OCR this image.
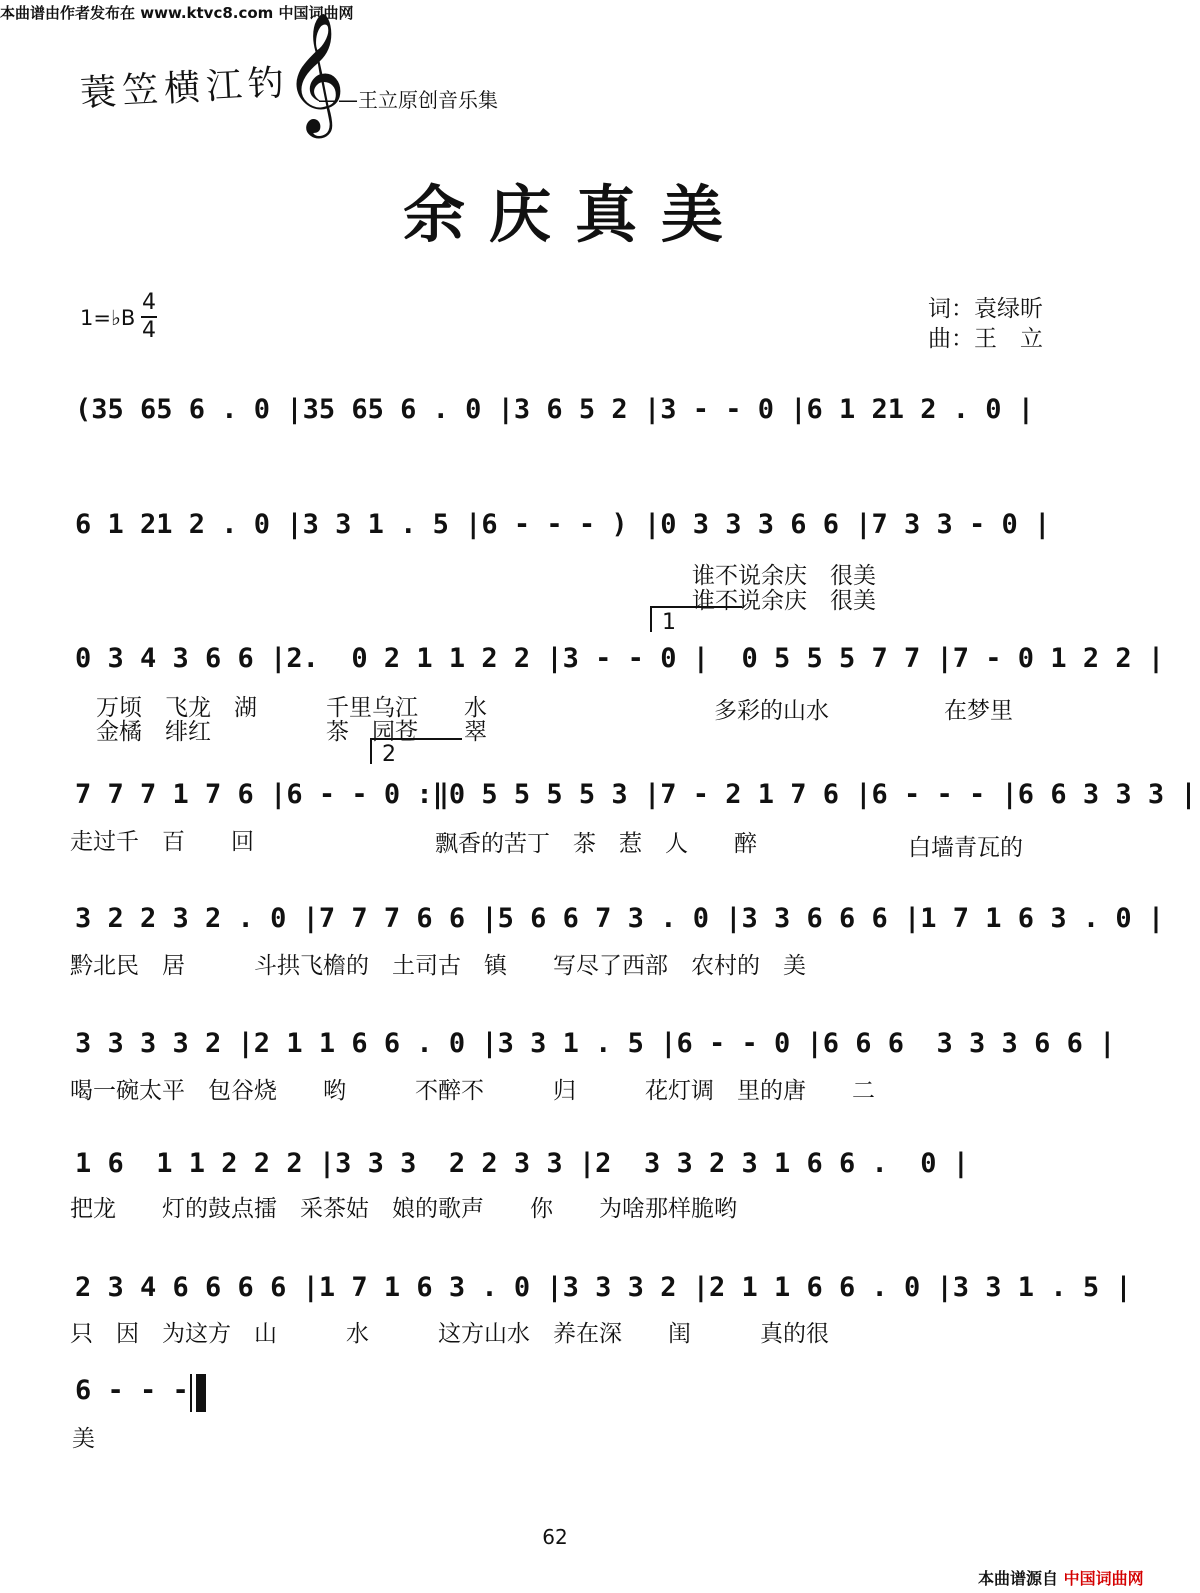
本曲谱由作者发布在 www.ktvc8.com 中国词曲网
蓑笠横江钓
𝄞
——王立原创音乐集
余庆真美
1=♭B
4
4
词：袁绿昕
曲：王　立
(35 65 6 . 0 |35 65 6 . 0 |3 6 5 2 |3 - - 0 |6 1 21 2 . 0 |
6 1 21 2 . 0 |3 3 1 . 5 |6 - - - ) |0 3 3 3 6 6 |7 3 3 - 0 |
谁不说余庆　很美
谁不说余庆　很美
1
0 3 4 3 6 6 |2.  0 2 1 1 2 2 |3 - - 0 |  0 5 5 5 7 7 |7 - 0 1 2 2 |
万顷　飞龙　湖　　　千里乌江　　水	多彩的山水　　　　　在梦里
金橘　绯红　　　　　茶　园苍　　翠
2
7 7 7 1 7 6 |6 - - 0 :‖0 5 5 5 5 3 |7 - 2 1 7 6 |6 - - - |6 6 3 3 3 |
走过千　百　　回	飘香的苦丁　茶　惹　人　　醉	白墙青瓦的
3 2 2 3 2 . 0 |7 7 7 6 6 |5 6 6 7 3 . 0 |3 3 6 6 6 |1 7 1 6 3 . 0 |
黔北民　居　　　斗拱飞檐的　土司古　镇　　写尽了西部　农村的　美
3 3 3 3 2 |2 1 1 6 6 . 0 |3 3 1 . 5 |6 - - 0 |6 6 6  3 3 3 6 6 |
喝一碗太平　包谷烧　　哟　　　不醉不　　　归　　　花灯调　里的唐　　二
1 6  1 1 2 2 2 |3 3 3  2 2 3 3 |2  3 3 2 3 1 6 6 .  0 |
把龙　　灯的鼓点擂　采茶姑　娘的歌声　　你　　为啥那样脆哟
2 3 4 6 6 6 6 |1 7 1 6 3 . 0 |3 3 3 2 |2 1 1 6 6 . 0 |3 3 1 . 5 |
只　因　为这方　山　　　水　　　这方山水　养在深　　闺　　　真的很
6 - - -
美
62
本曲谱源自 中国词曲网
